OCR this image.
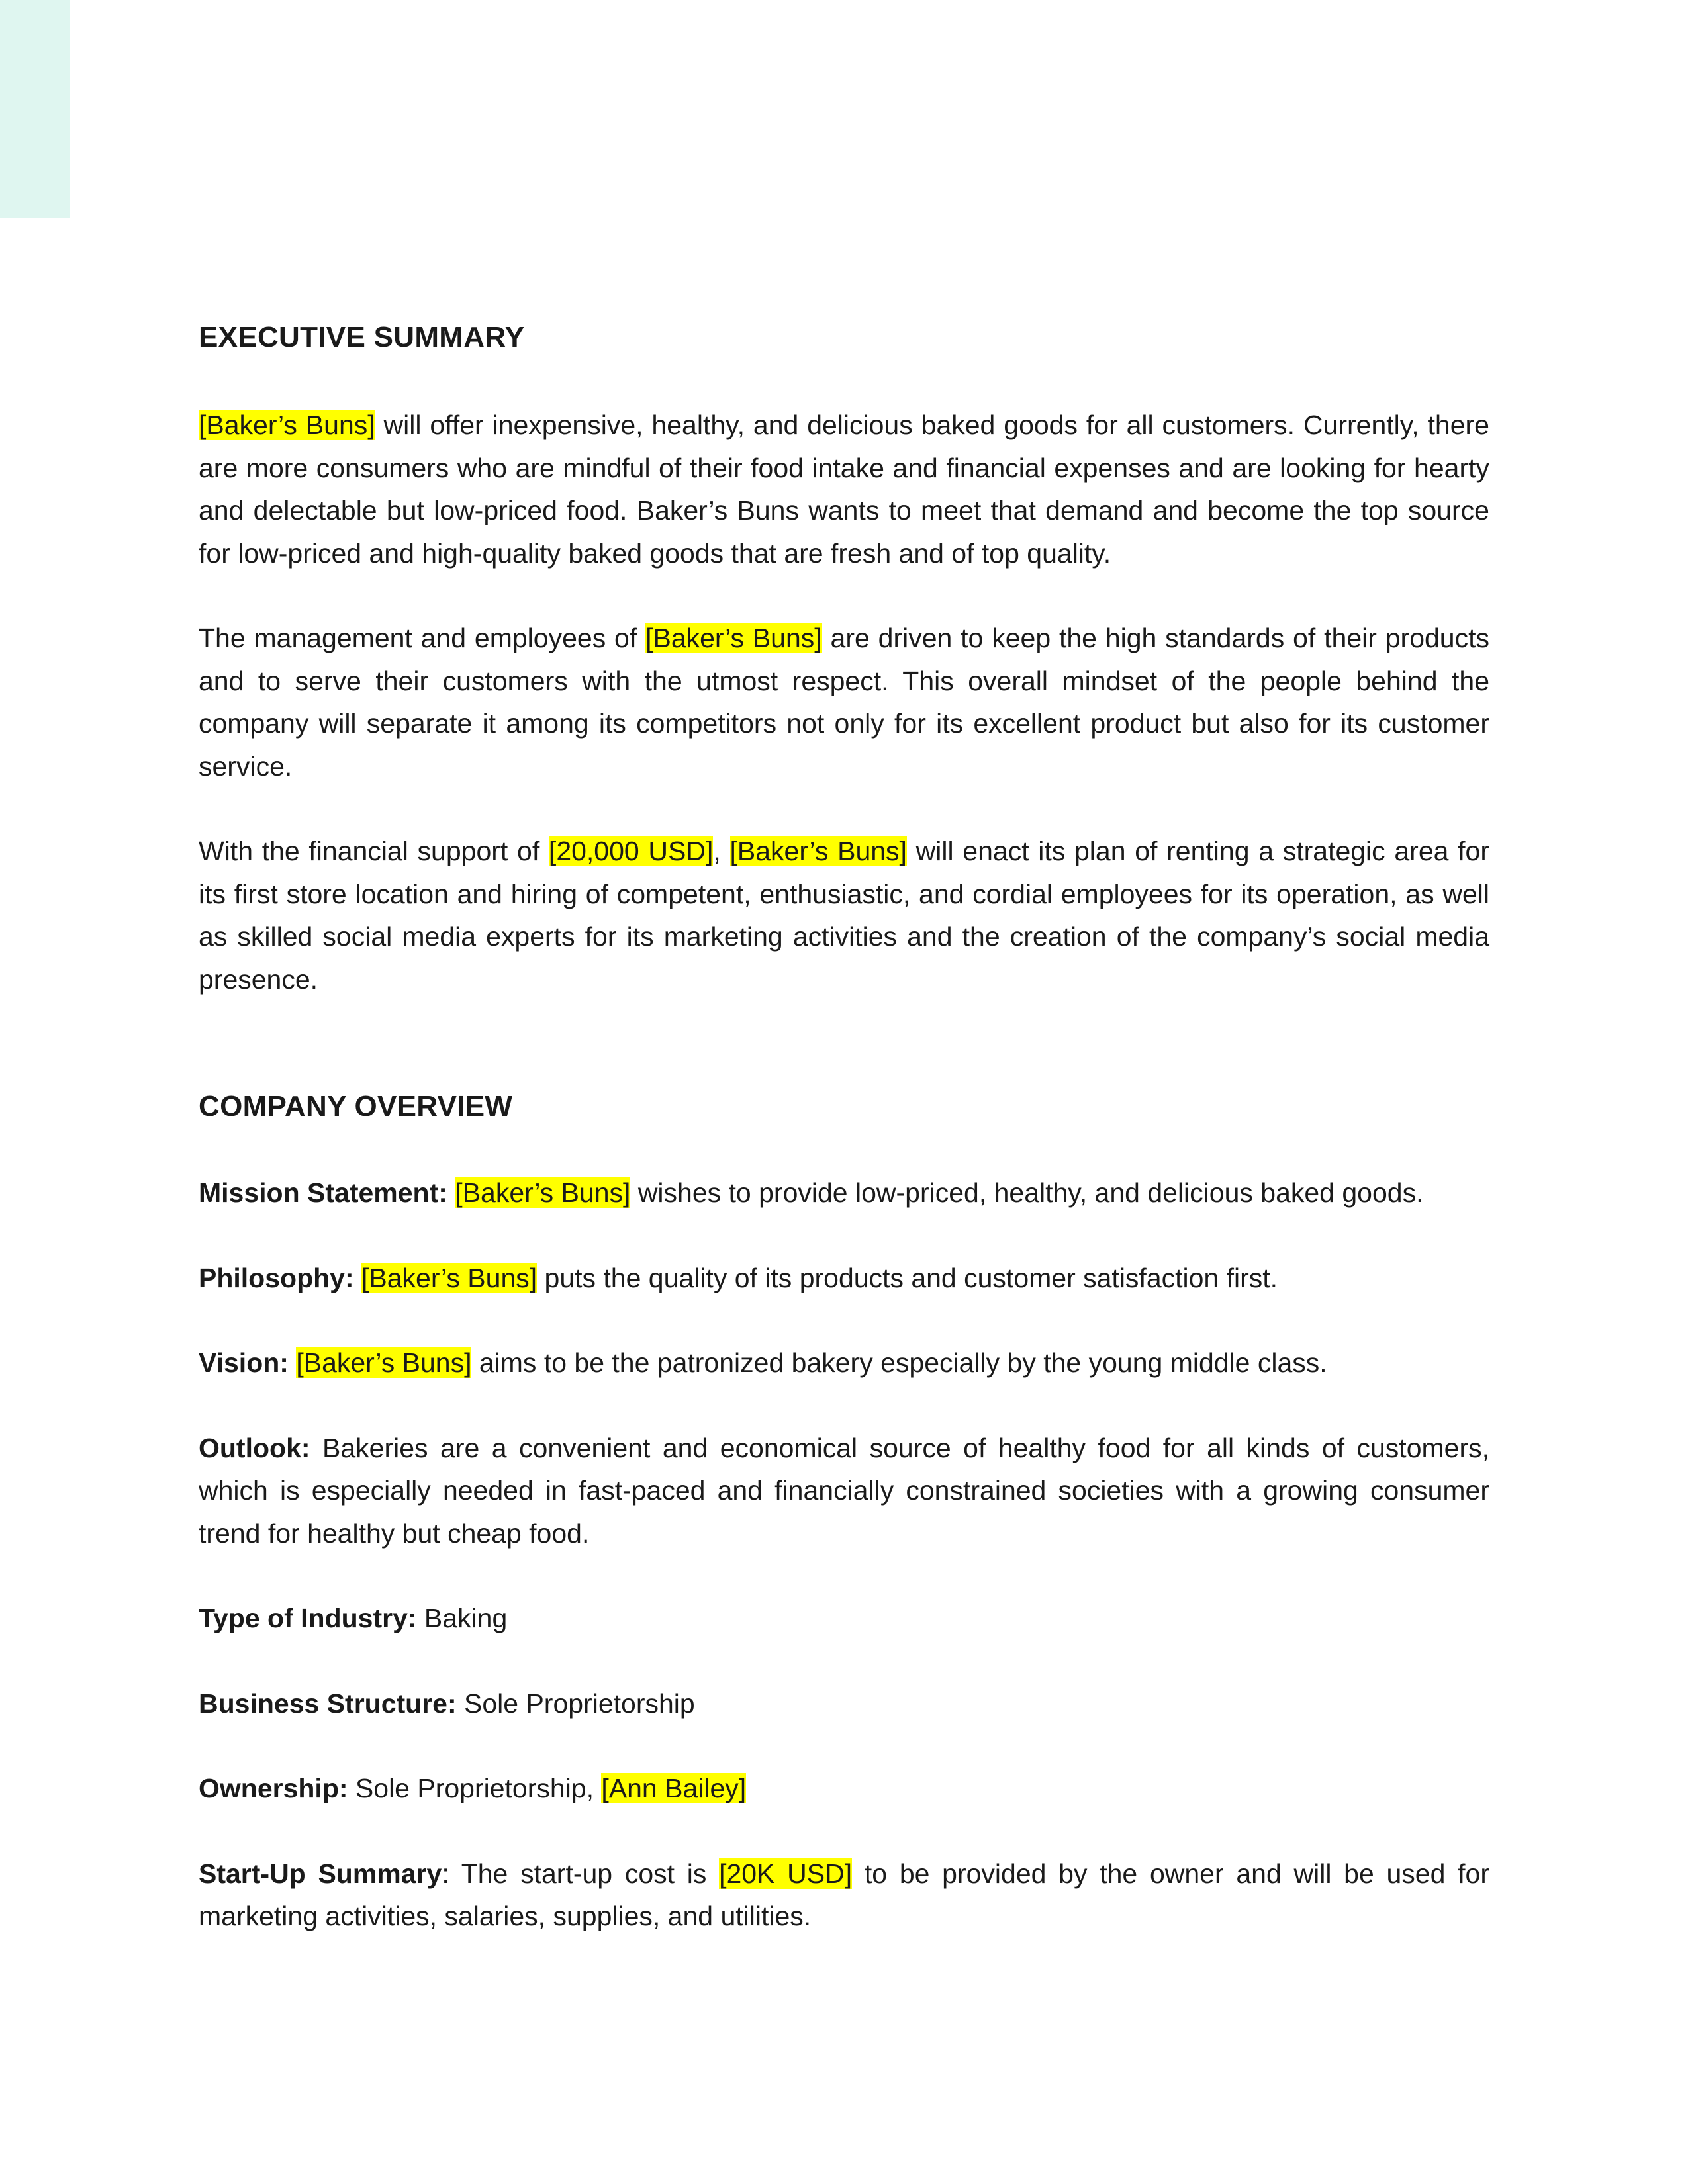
EXECUTIVE SUMMARY

[Baker’s Buns] will offer inexpensive, healthy, and delicious baked goods for all customers. Currently, there are more consumers who are mindful of their food intake and financial expenses and are looking for hearty and delectable but low-priced food. Baker’s Buns wants to meet that demand and become the top source for low-priced and high-quality baked goods that are fresh and of top quality.

The management and employees of [Baker’s Buns] are driven to keep the high standards of their products and to serve their customers with the utmost respect. This overall mindset of the people behind the company will separate it among its competitors not only for its excellent product but also for its customer service.

With the financial support of [20,000 USD], [Baker’s Buns] will enact its plan of renting a strategic area for its first store location and hiring of competent, enthusiastic, and cordial employees for its operation, as well as skilled social media experts for its marketing activities and the creation of the company’s social media presence.

COMPANY OVERVIEW

Mission Statement: [Baker’s Buns] wishes to provide low-priced, healthy, and delicious baked goods.

Philosophy: [Baker’s Buns] puts the quality of its products and customer satisfaction first.

Vision: [Baker’s Buns] aims to be the patronized bakery especially by the young middle class.

Outlook: Bakeries are a convenient and economical source of healthy food for all kinds of customers, which is especially needed in fast-paced and financially constrained societies with a growing consumer trend for healthy but cheap food.

Type of Industry: Baking

Business Structure: Sole Proprietorship

Ownership: Sole Proprietorship, [Ann Bailey]

Start-Up Summary: The start-up cost is [20K USD] to be provided by the owner and will be used for marketing activities, salaries, supplies, and utilities.
